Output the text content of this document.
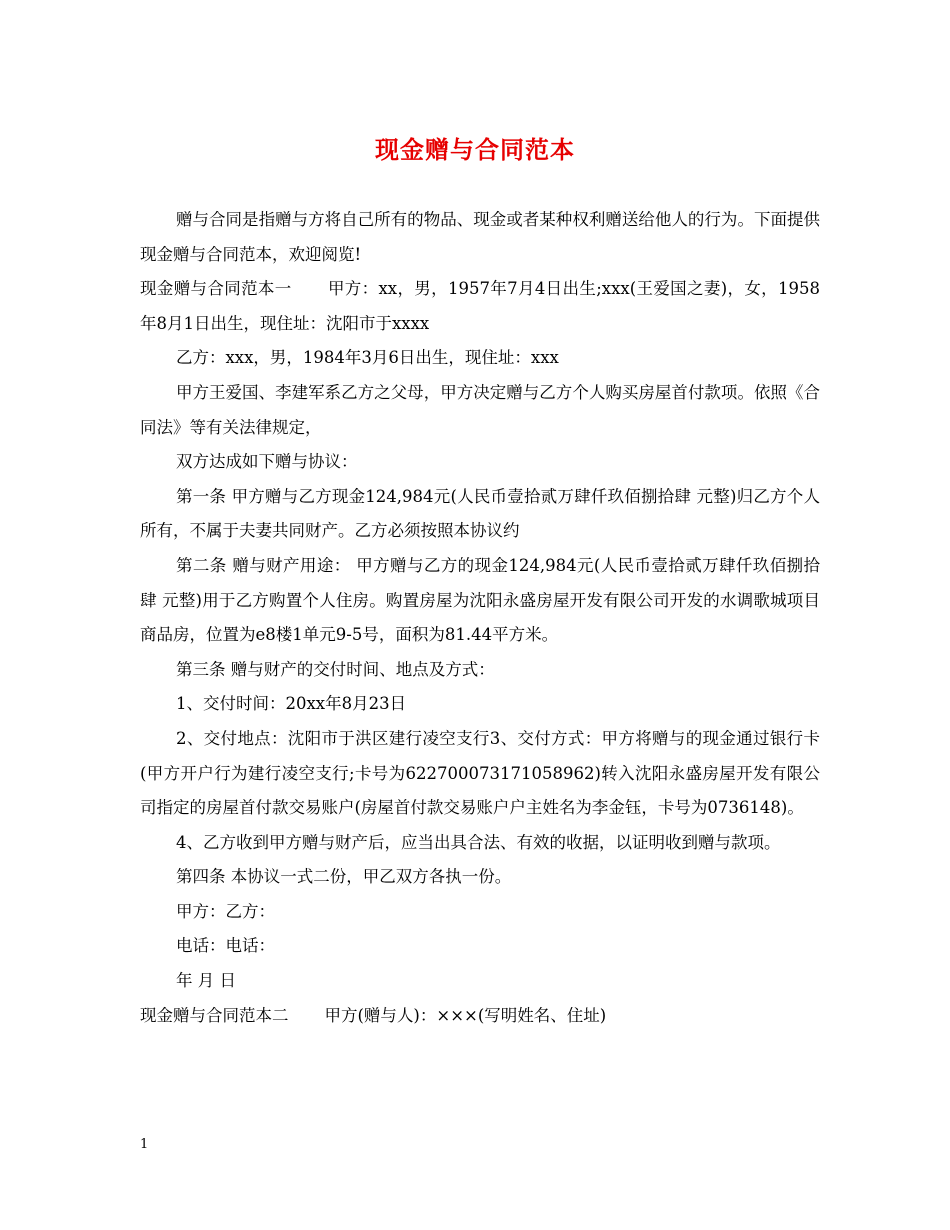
现金赠与合同范本

赠与合同是指赠与方将自己所有的物品、现金或者某种权利赠送给他人的行为。下面提供现金赠与合同范本，欢迎阅览!

现金赠与合同范本一 甲方：xx，男，1957年7月4日出生;xxx(王爱国之妻)，女，1958年8月1日出生，现住址：沈阳市于xxxx

乙方：xxx，男，1984年3月6日出生，现住址：xxx

甲方王爱国、李建军系乙方之父母，甲方决定赠与乙方个人购买房屋首付款项。依照《合同法》等有关法律规定，

双方达成如下赠与协议：

第一条 甲方赠与乙方现金124,984元(人民币壹拾贰万肆仟玖佰捌拾肆 元整)归乙方个人所有，不属于夫妻共同财产。乙方必须按照本协议约

第二条 赠与财产用途： 甲方赠与乙方的现金124,984元(人民币壹拾贰万肆仟玖佰捌拾肆 元整)用于乙方购置个人住房。购置房屋为沈阳永盛房屋开发有限公司开发的水调歌城项目商品房，位置为e8楼1单元9-5号，面积为81.44平方米。

第三条 赠与财产的交付时间、地点及方式：

1、交付时间：20xx年8月23日

2、交付地点：沈阳市于洪区建行凌空支行3、交付方式：甲方将赠与的现金通过银行卡(甲方开户行为建行凌空支行;卡号为622700073171058962)转入沈阳永盛房屋开发有限公司指定的房屋首付款交易账户(房屋首付款交易账户户主姓名为李金钰，卡号为0736148)。

4、乙方收到甲方赠与财产后，应当出具合法、有效的收据，以证明收到赠与款项。

第四条 本协议一式二份，甲乙双方各执一份。

甲方：乙方：

电话：电话：

年 月 日

现金赠与合同范本二 甲方(赠与人)：×××(写明姓名、住址)

1
